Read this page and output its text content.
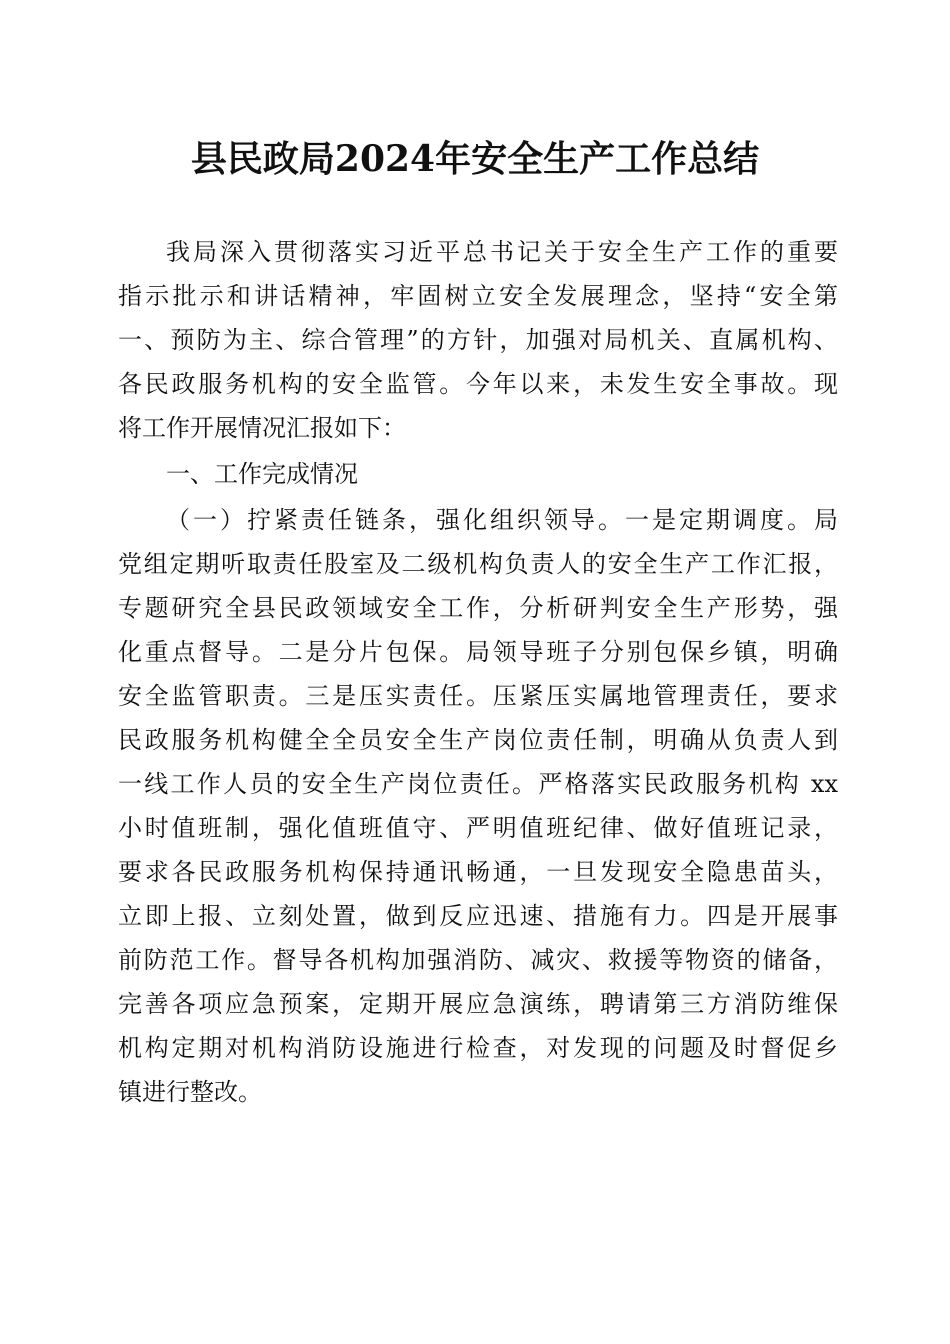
县民政局2024年安全生产工作总结
我局深入贯彻落实习近平总书记关于安全生产工作的重要
指示批示和讲话精神，牢固树立安全发展理念，坚持“安全第
一、预防为主、综合管理”的方针，加强对局机关、直属机构、
各民政服务机构的安全监管。今年以来，未发生安全事故。现
将工作开展情况汇报如下：
一、工作完成情况
（一）拧紧责任链条，强化组织领导。一是定期调度。局
党组定期听取责任股室及二级机构负责人的安全生产工作汇报，
专题研究全县民政领域安全工作，分析研判安全生产形势，强
化重点督导。二是分片包保。局领导班子分别包保乡镇，明确
安全监管职责。三是压实责任。压紧压实属地管理责任，要求
民政服务机构健全全员安全生产岗位责任制，明确从负责人到
一线工作人员的安全生产岗位责任。严格落实民政服务机构 xx
小时值班制，强化值班值守、严明值班纪律、做好值班记录，
要求各民政服务机构保持通讯畅通，一旦发现安全隐患苗头，
立即上报、立刻处置，做到反应迅速、措施有力。四是开展事
前防范工作。督导各机构加强消防、减灾、救援等物资的储备，
完善各项应急预案，定期开展应急演练，聘请第三方消防维保
机构定期对机构消防设施进行检查，对发现的问题及时督促乡
镇进行整改。
